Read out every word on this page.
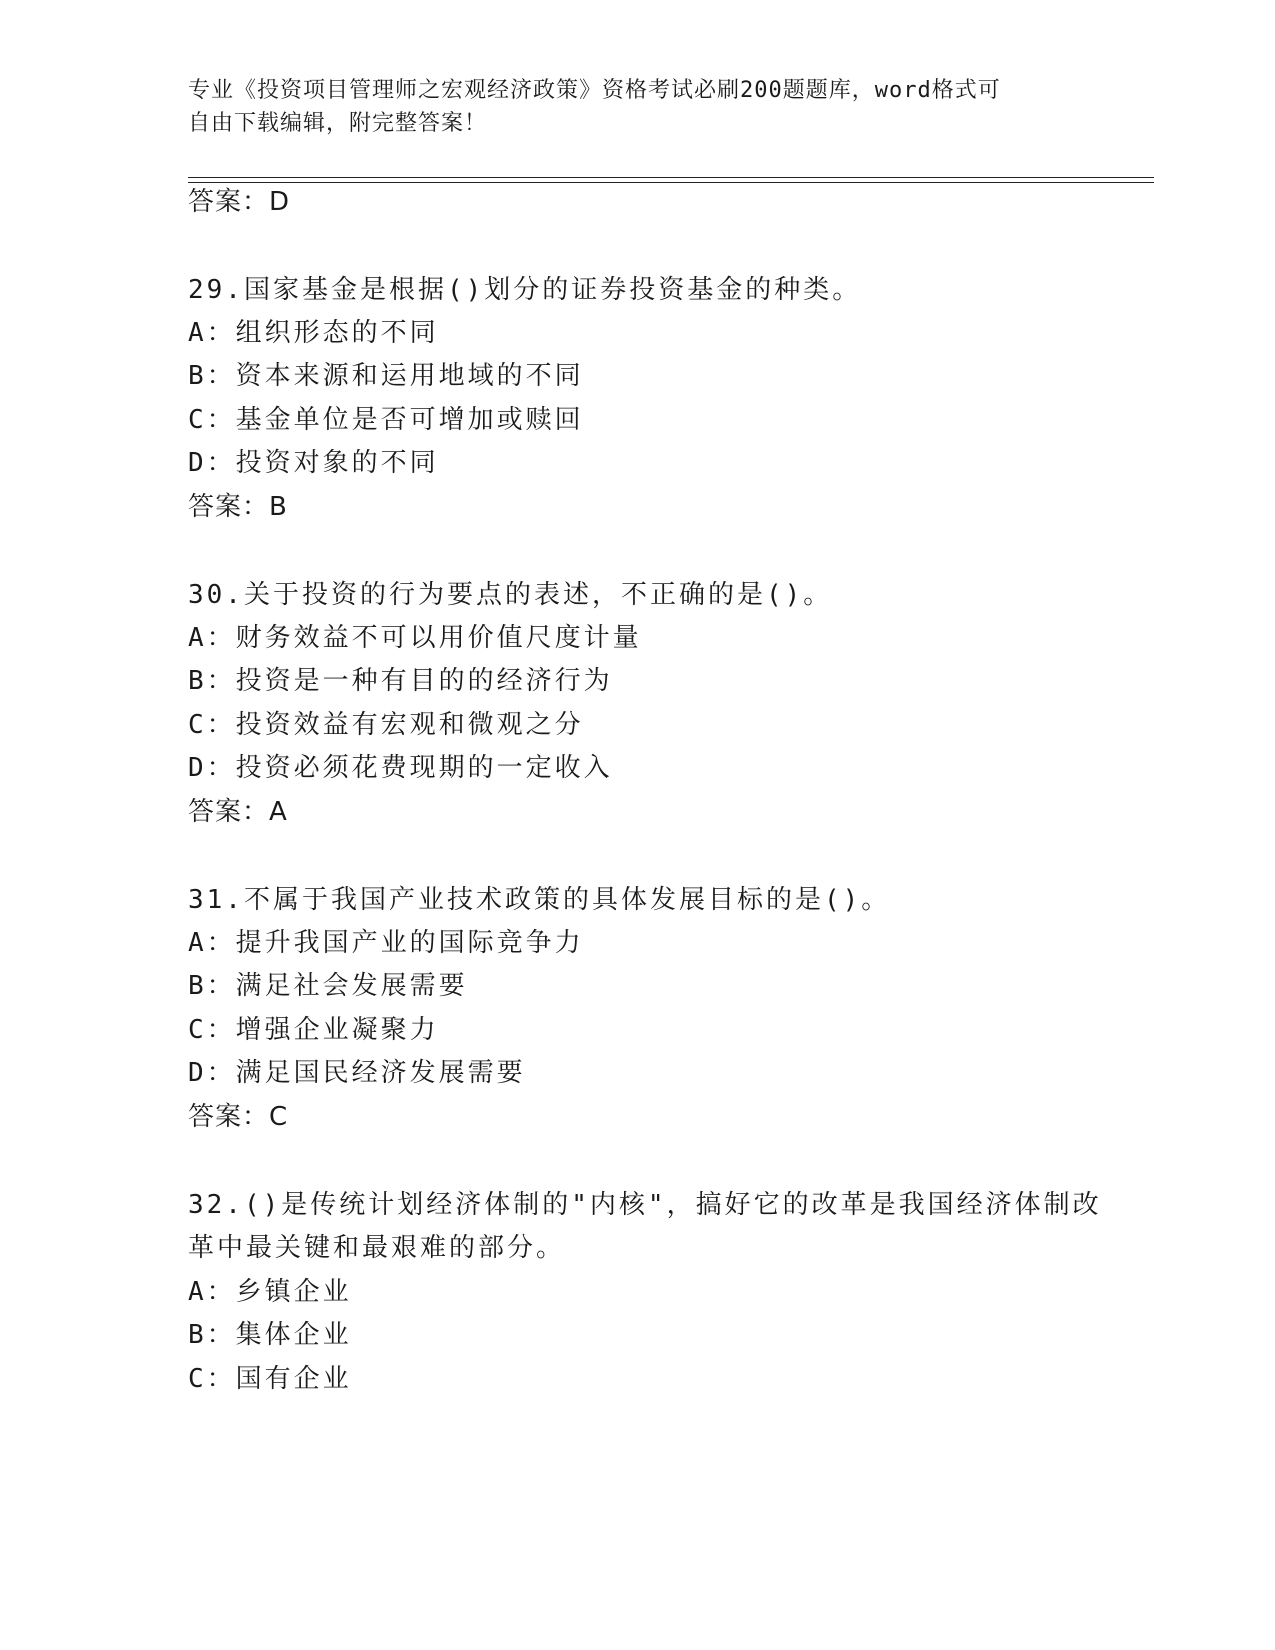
专业《投资项目管理师之宏观经济政策》资格考试必刷200题题库，word格式可
自由下载编辑，附完整答案！
答案：D
29.国家基金是根据()划分的证券投资基金的种类。
A：组织形态的不同
B：资本来源和运用地域的不同
C：基金单位是否可增加或赎回
D：投资对象的不同
答案：B
30.关于投资的行为要点的表述，不正确的是()。
A：财务效益不可以用价值尺度计量
B：投资是一种有目的的经济行为
C：投资效益有宏观和微观之分
D：投资必须花费现期的一定收入
答案：A
31.不属于我国产业技术政策的具体发展目标的是()。
A：提升我国产业的国际竞争力
B：满足社会发展需要
C：增强企业凝聚力
D：满足国民经济发展需要
答案：C
32.()是传统计划经济体制的"内核"，搞好它的改革是我国经济体制改
革中最关键和最艰难的部分。
A：乡镇企业
B：集体企业
C：国有企业
